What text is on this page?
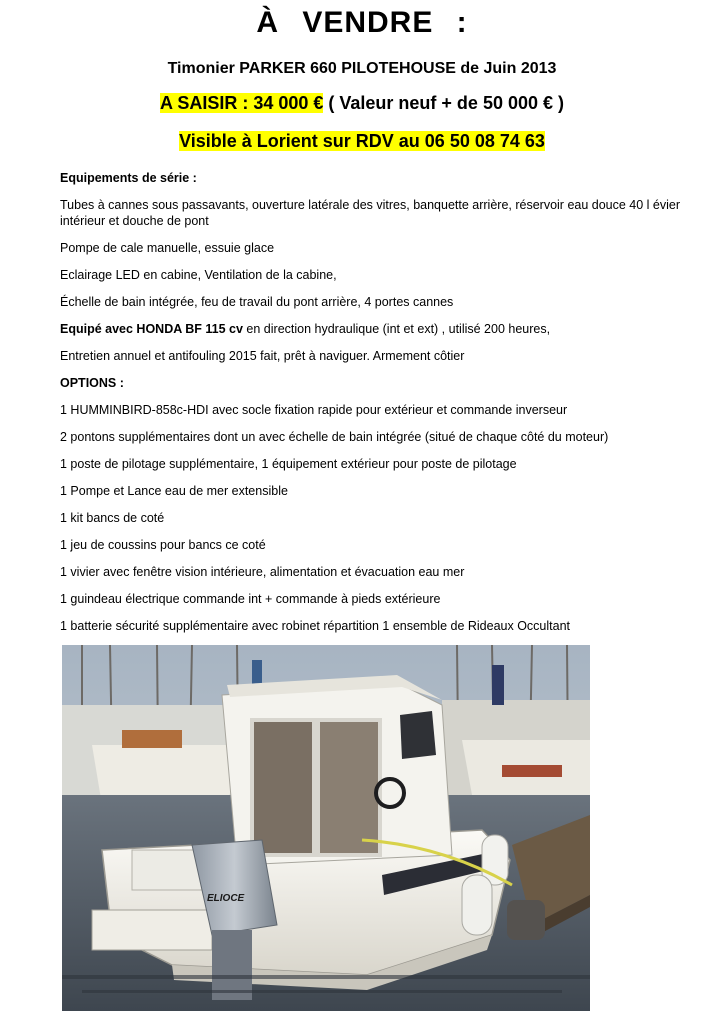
À VENDRE :
Timonier PARKER 660 PILOTEHOUSE de Juin 2013
A SAISIR : 34 000 € ( Valeur neuf + de 50 000 € )
Visible à Lorient sur RDV au 06 50 08 74 63

Equipements de série :

Tubes à cannes sous passavants, ouverture latérale des vitres, banquette arrière, réservoir eau douce 40 l évier intérieur et douche de pont

Pompe de cale manuelle, essuie glace

Eclairage LED en cabine, Ventilation de la cabine,

Échelle de bain intégrée, feu de travail du pont arrière, 4 portes cannes

Equipé avec HONDA BF 115 cv en direction hydraulique (int et ext) , utilisé 200 heures,

Entretien annuel et antifouling 2015 fait, prêt à naviguer. Armement côtier

OPTIONS :

1 HUMMINBIRD-858c-HDI avec socle fixation rapide pour extérieur et commande inverseur

2 pontons supplémentaires dont un avec échelle de bain intégrée (situé de chaque côté du moteur)

1 poste de pilotage supplémentaire, 1 équipement extérieur pour poste de pilotage

1 Pompe et Lance eau de mer extensible

1 kit bancs de coté

1 jeu de coussins pour bancs ce coté

1 vivier avec fenêtre vision intérieure, alimentation et évacuation eau mer

1 guindeau électrique commande int + commande à pieds extérieure

1 batterie sécurité supplémentaire avec robinet répartition 1 ensemble de Rideaux Occultant

ELIOCE
